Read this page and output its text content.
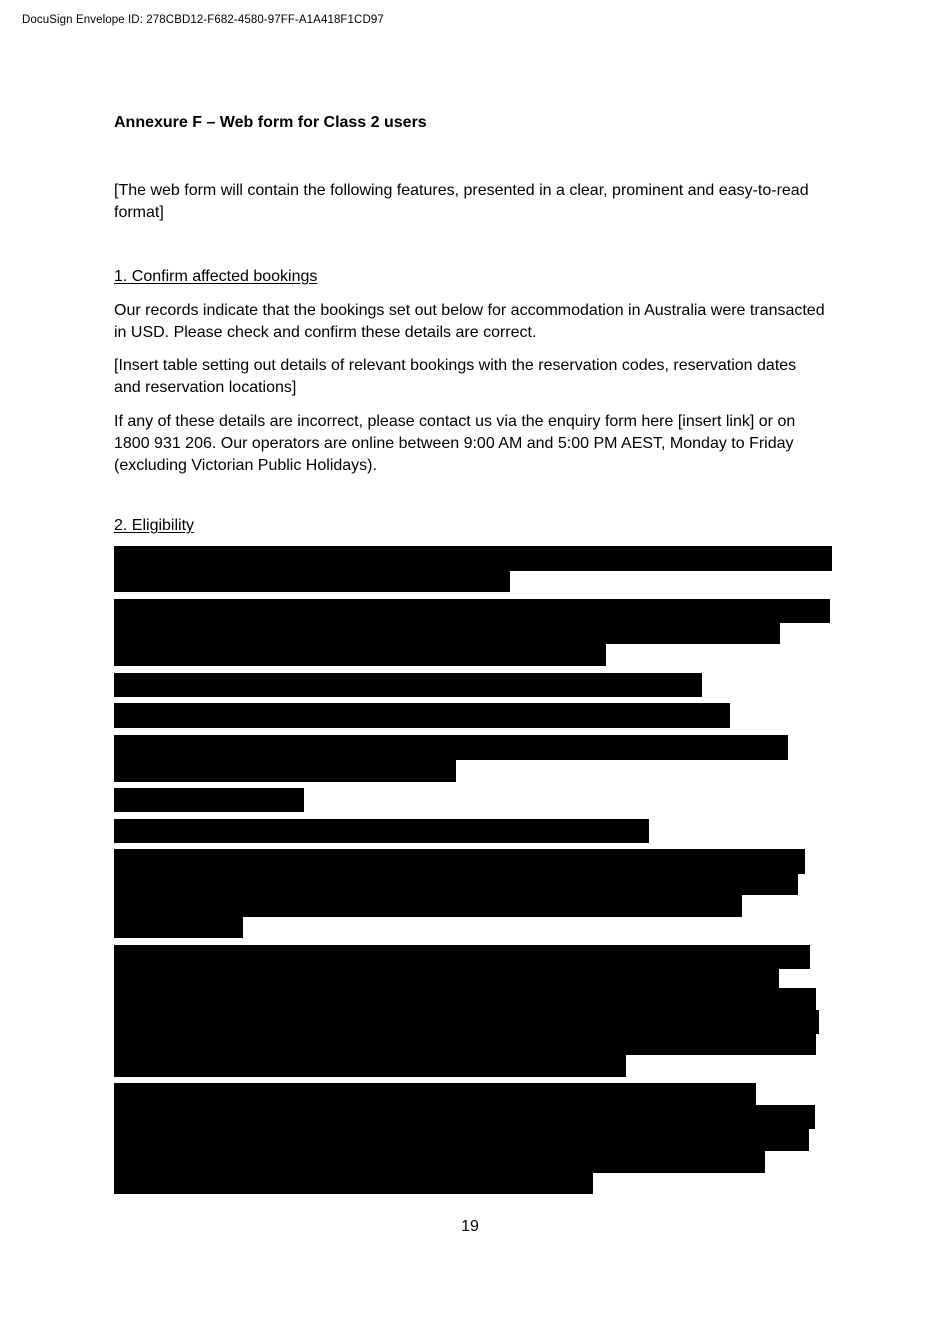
DocuSign Envelope ID: 278CBD12-F682-4580-97FF-A1A418F1CD97
Annexure F – Web form for Class 2 users

[The web form will contain the following features, presented in a clear, prominent and easy-to-read format]

1. Confirm affected bookings

Our records indicate that the bookings set out below for accommodation in Australia were transacted in USD. Please check and confirm these details are correct.

[Insert table setting out details of relevant bookings with the reservation codes, reservation dates and reservation locations]

If any of these details are incorrect, please contact us via the enquiry form here [insert link] or on 1800 931 206. Our operators are online between 9:00 AM and 5:00 PM AEST, Monday to Friday (excluding Victorian Public Holidays).

2. Eligibility
19
